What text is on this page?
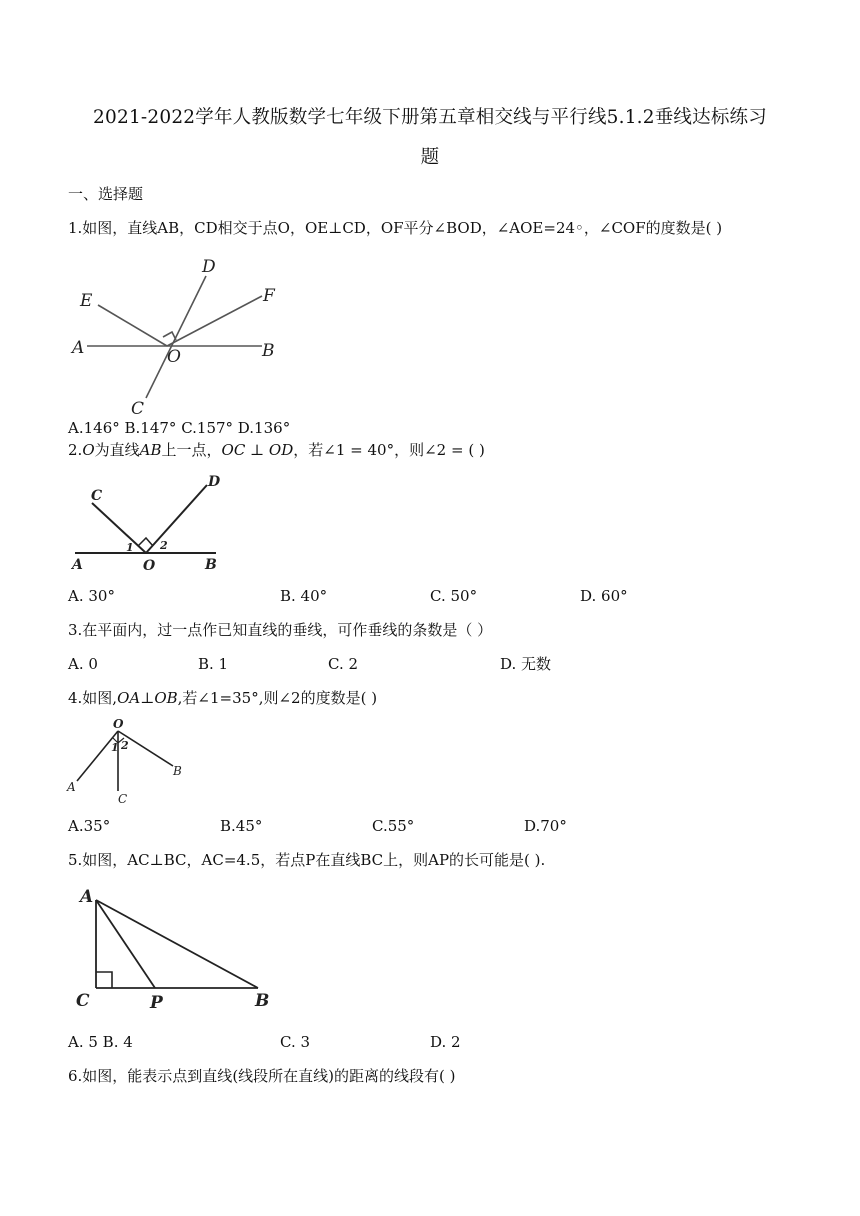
2021-2022学年人教版数学七年级下册第五章相交线与平行线5.1.2垂线达标练习
题
一、选择题
1.如图，直线AB，CD相交于点O，OE⊥CD，OF平分∠BOD，∠AOE=24◦，∠COF的度数是( )
D
E	F
A	O	B
C
A.146° B.147° C.157° D.136°
2.O为直线AB上一点，OC ⊥ OD，若∠1 = 40°，则∠2 = ( )
C
D
1 2
A	O	B
A. 30°	B. 40°	C. 50°	D. 60°
3.在平面内，过一点作已知直线的垂线，可作垂线的条数是（ ）
A. 0	B. 1	C. 2	D. 无数
4.如图,OA⊥OB,若∠1=35°,则∠2的度数是( )
O
1 2
A
B
C
A.35°	B.45°	C.55°	D.70°
5.如图，AC⊥BC，AC=4.5，若点P在直线BC上，则AP的长可能是( ).
A
C	P	B
A. 5 B. 4	C. 3	D. 2
6.如图，能表示点到直线(线段所在直线)的距离的线段有( )
